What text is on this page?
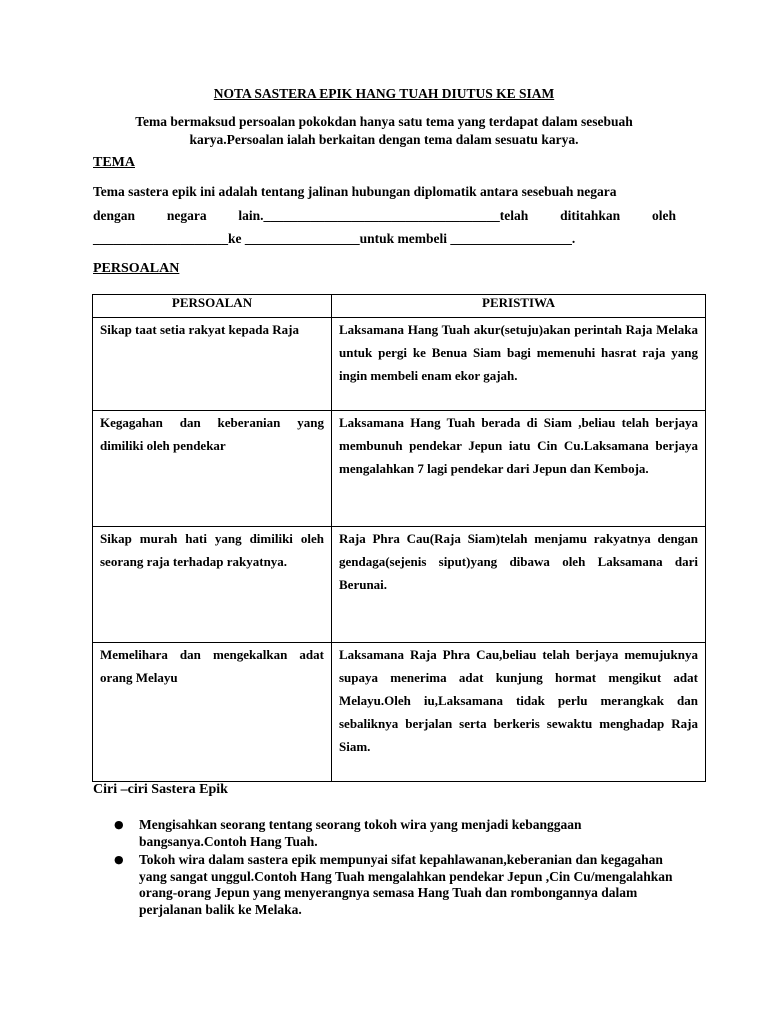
NOTA SASTERA EPIK HANG TUAH DIUTUS KE SIAM
Tema bermaksud persoalan pokokdan hanya satu tema yang terdapat dalam sesebuah
karya.Persoalan ialah berkaitan dengan tema dalam sesuatu karya.
TEMA
Tema sastera epik ini adalah tentang jalinan hubungan diplomatik antara sesebuah negara
dengan negara lain.___________________________________telah dititahkan oleh
____________________ke _________________untuk membeli __________________.
PERSOALAN
PERSOALAN	PERISTIWA
Sikap taat setia rakyat kepada Raja	Laksamana Hang Tuah akur(setuju)akan perintah Raja Melaka untuk pergi ke Benua Siam bagi memenuhi hasrat raja yang ingin membeli enam ekor gajah.
Kegagahan dan keberanian yang dimiliki oleh pendekar	Laksamana Hang Tuah berada di Siam ,beliau telah berjaya membunuh pendekar Jepun iatu Cin Cu.Laksamana berjaya mengalahkan 7 lagi pendekar dari Jepun dan Kemboja.
Sikap murah hati yang dimiliki oleh seorang raja terhadap rakyatnya.	Raja Phra Cau(Raja Siam)telah menjamu rakyatnya dengan gendaga(sejenis siput)yang dibawa oleh Laksamana dari Berunai.
Memelihara dan mengekalkan adat orang Melayu	Laksamana Raja Phra Cau,beliau telah berjaya memujuknya supaya menerima adat kunjung hormat mengikut adat Melayu.Oleh iu,Laksamana tidak perlu merangkak dan sebaliknya berjalan serta berkeris sewaktu menghadap Raja Siam.
Ciri –ciri Sastera Epik
● Mengisahkan seorang tentang seorang tokoh wira yang menjadi kebanggaan bangsanya.Contoh Hang Tuah.
● Tokoh wira dalam sastera epik mempunyai sifat kepahlawanan,keberanian dan kegagahan yang sangat unggul.Contoh Hang Tuah mengalahkan pendekar Jepun ,Cin Cu/mengalahkan orang-orang Jepun yang menyerangnya semasa Hang Tuah dan rombongannya dalam perjalanan balik ke Melaka.
